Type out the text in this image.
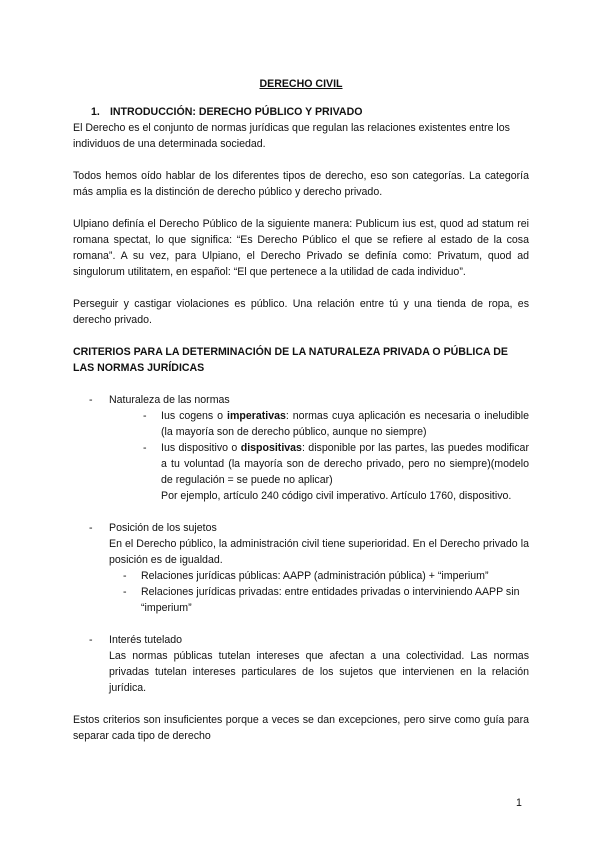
DERECHO CIVIL

1. INTRODUCCIÓN: DERECHO PÚBLICO Y PRIVADO

El Derecho es el conjunto de normas jurídicas que regulan las relaciones existentes entre los individuos de una determinada sociedad.

Todos hemos oído hablar de los diferentes tipos de derecho, eso son categorías. La categoría más amplia es la distinción de derecho público y derecho privado.

Ulpiano definía el Derecho Público de la siguiente manera: Publicum ius est, quod ad statum rei romana spectat, lo que significa: “Es Derecho Público el que se refiere al estado de la cosa romana”. A su vez, para Ulpiano, el Derecho Privado se definía como: Privatum, quod ad singulorum utilitatem, en español: “El que pertenece a la utilidad de cada individuo”.

Perseguir y castigar violaciones es público. Una relación entre tú y una tienda de ropa, es derecho privado.

CRITERIOS PARA LA DETERMINACIÓN DE LA NATURALEZA PRIVADA O PÚBLICA DE LAS NORMAS JURÍDICAS

- Naturaleza de las normas
- Ius cogens o imperativas: normas cuya aplicación es necesaria o ineludible (la mayoría son de derecho público, aunque no siempre)
- Ius dispositivo o dispositivas: disponible por las partes, las puedes modificar a tu voluntad (la mayoría son de derecho privado, pero no siempre)(modelo de regulación = se puede no aplicar)
Por ejemplo, artículo 240 código civil imperativo. Artículo 1760, dispositivo.
- Posición de los sujetos

En el Derecho público, la administración civil tiene superioridad. En el Derecho privado la posición es de igualdad.

- Relaciones jurídicas públicas: AAPP (administración pública) + “imperium”
- Relaciones jurídicas privadas: entre entidades privadas o interviniendo AAPP sin “imperium”
- Interés tutelado

Las normas públicas tutelan intereses que afectan a una colectividad. Las normas privadas tutelan intereses particulares de los sujetos que intervienen en la relación jurídica.

Estos criterios son insuficientes porque a veces se dan excepciones, pero sirve como guía para separar cada tipo de derecho

1
